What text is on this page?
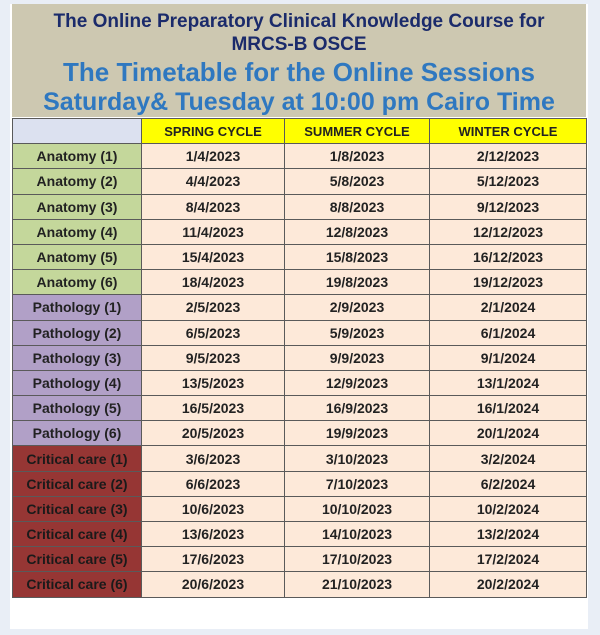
The Online Preparatory Clinical Knowledge Course for
MRCS-B OSCE
The Timetable for the Online Sessions
Saturday& Tuesday at 10:00 pm Cairo Time
	SPRING CYCLE	SUMMER CYCLE	WINTER CYCLE
Anatomy (1)	1/4/2023	1/8/2023	2/12/2023
Anatomy (2)	4/4/2023	5/8/2023	5/12/2023
Anatomy (3)	8/4/2023	8/8/2023	9/12/2023
Anatomy (4)	11/4/2023	12/8/2023	12/12/2023
Anatomy (5)	15/4/2023	15/8/2023	16/12/2023
Anatomy (6)	18/4/2023	19/8/2023	19/12/2023
Pathology (1)	2/5/2023	2/9/2023	2/1/2024
Pathology (2)	6/5/2023	5/9/2023	6/1/2024
Pathology (3)	9/5/2023	9/9/2023	9/1/2024
Pathology (4)	13/5/2023	12/9/2023	13/1/2024
Pathology (5)	16/5/2023	16/9/2023	16/1/2024
Pathology (6)	20/5/2023	19/9/2023	20/1/2024
Critical care (1)	3/6/2023	3/10/2023	3/2/2024
Critical care (2)	6/6/2023	7/10/2023	6/2/2024
Critical care (3)	10/6/2023	10/10/2023	10/2/2024
Critical care (4)	13/6/2023	14/10/2023	13/2/2024
Critical care (5)	17/6/2023	17/10/2023	17/2/2024
Critical care (6)	20/6/2023	21/10/2023	20/2/2024
